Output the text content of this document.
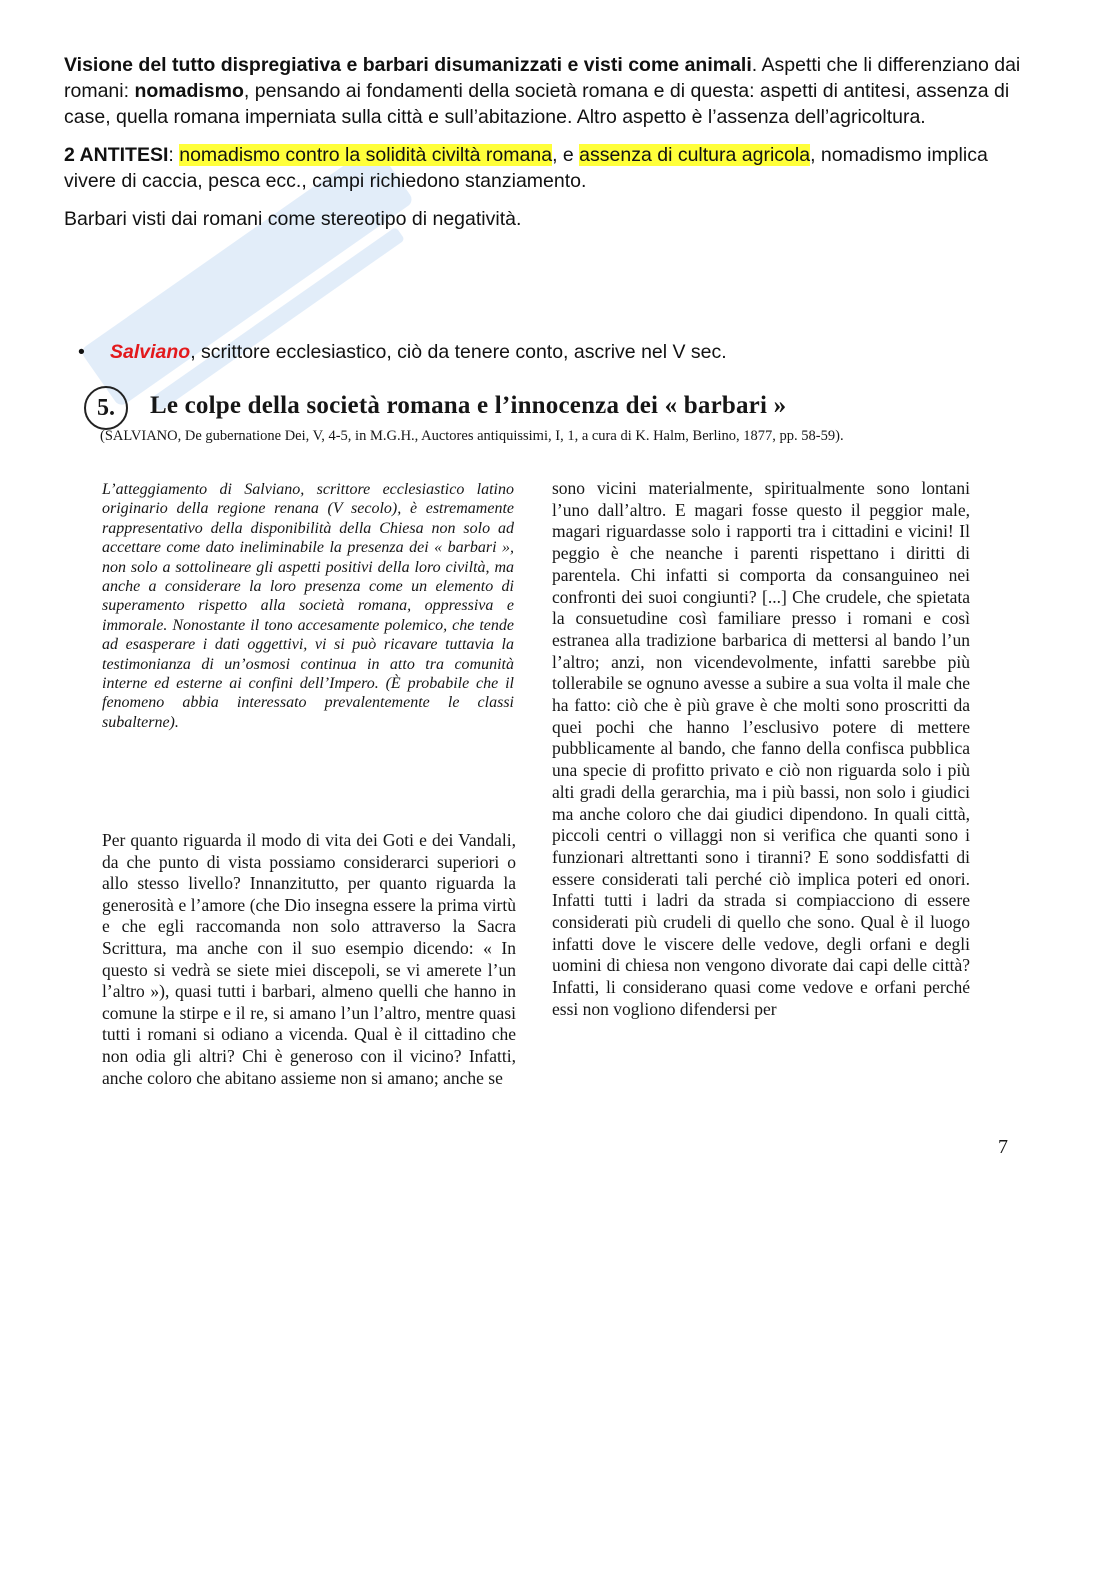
Visione del tutto dispregiativa e barbari disumanizzati e visti come animali. Aspetti che li differenziano dai romani: nomadismo, pensando ai fondamenti della società romana e di questa: aspetti di antitesi, assenza di case, quella romana imperniata sulla città e sull’abitazione. Altro aspetto è l’assenza dell’agricoltura.

2 ANTITESI: nomadismo contro la solidità civiltà romana, e assenza di cultura agricola, nomadismo implica vivere di caccia, pesca ecc., campi richiedono stanziamento.

Barbari visti dai romani come stereotipo di negatività.

• Salviano, scrittore ecclesiastico, ciò da tenere conto, ascrive nel V sec.
5.	Le colpe della società romana e l’innocenza dei « barbari »
(SALVIANO, De gubernatione Dei, V, 4-5, in M.G.H., Auctores antiquissimi, I, 1, a cura di K. Halm, Berlino, 1877, pp. 58-59).
L’atteggiamento di Salviano, scrittore ecclesiastico latino originario della regione renana (V secolo), è estremamente rappresentativo della disponibilità della Chiesa non solo ad accettare come dato ineliminabile la presenza dei « barbari », non solo a sottolineare gli aspetti positivi della loro civiltà, ma anche a considerare la loro presenza come un elemento di superamento rispetto alla società romana, oppressiva e immorale. Nonostante il tono accesamente polemico, che tende ad esasperare i dati oggettivi, vi si può ricavare tuttavia la testimonianza di un’osmosi continua in atto tra comunità interne ed esterne ai confini dell’Impero. (È probabile che il fenomeno abbia interessato prevalentemente le classi subalterne).
Per quanto riguarda il modo di vita dei Goti e dei Vandali, da che punto di vista possiamo considerarci superiori o allo stesso livello? Innanzitutto, per quanto riguarda la generosità e l’amore (che Dio insegna essere la prima virtù e che egli raccomanda non solo attraverso la Sacra Scrittura, ma anche con il suo esempio dicendo: « In questo si vedrà se siete miei discepoli, se vi amerete l’un l’altro »), quasi tutti i barbari, almeno quelli che hanno in comune la stirpe e il re, si amano l’un l’altro, mentre quasi tutti i romani si odiano a vicenda. Qual è il cittadino che non odia gli altri? Chi è generoso con il vicino? Infatti, anche coloro che abitano assieme non si amano; anche se
sono vicini materialmente, spiritualmente sono lontani l’uno dall’altro. E magari fosse questo il peggior male, magari riguardasse solo i rapporti tra i cittadini e vicini! Il peggio è che neanche i parenti rispettano i diritti di parentela. Chi infatti si comporta da consanguineo nei confronti dei suoi congiunti? [...] Che crudele, che spietata la consuetudine così familiare presso i romani e così estranea alla tradizione barbarica di mettersi al bando l’un l’altro; anzi, non vicendevolmente, infatti sarebbe più tollerabile se ognuno avesse a subire a sua volta il male che ha fatto: ciò che è più grave è che molti sono proscritti da quei pochi che hanno l’esclusivo potere di mettere pubblicamente al bando, che fanno della confisca pubblica una specie di profitto privato e ciò non riguarda solo i più alti gradi della gerarchia, ma i più bassi, non solo i giudici ma anche coloro che dai giudici dipendono. In quali città, piccoli centri o villaggi non si verifica che quanti sono i funzionari altrettanti sono i tiranni? E sono soddisfatti di essere considerati tali perché ciò implica poteri ed onori. Infatti tutti i ladri da strada si compiacciono di essere considerati più crudeli di quello che sono. Qual è il luogo infatti dove le viscere delle vedove, degli orfani e degli uomini di chiesa non vengono divorate dai capi delle città? Infatti, li considerano quasi come vedove e orfani perché essi non vogliono difendersi per
7
